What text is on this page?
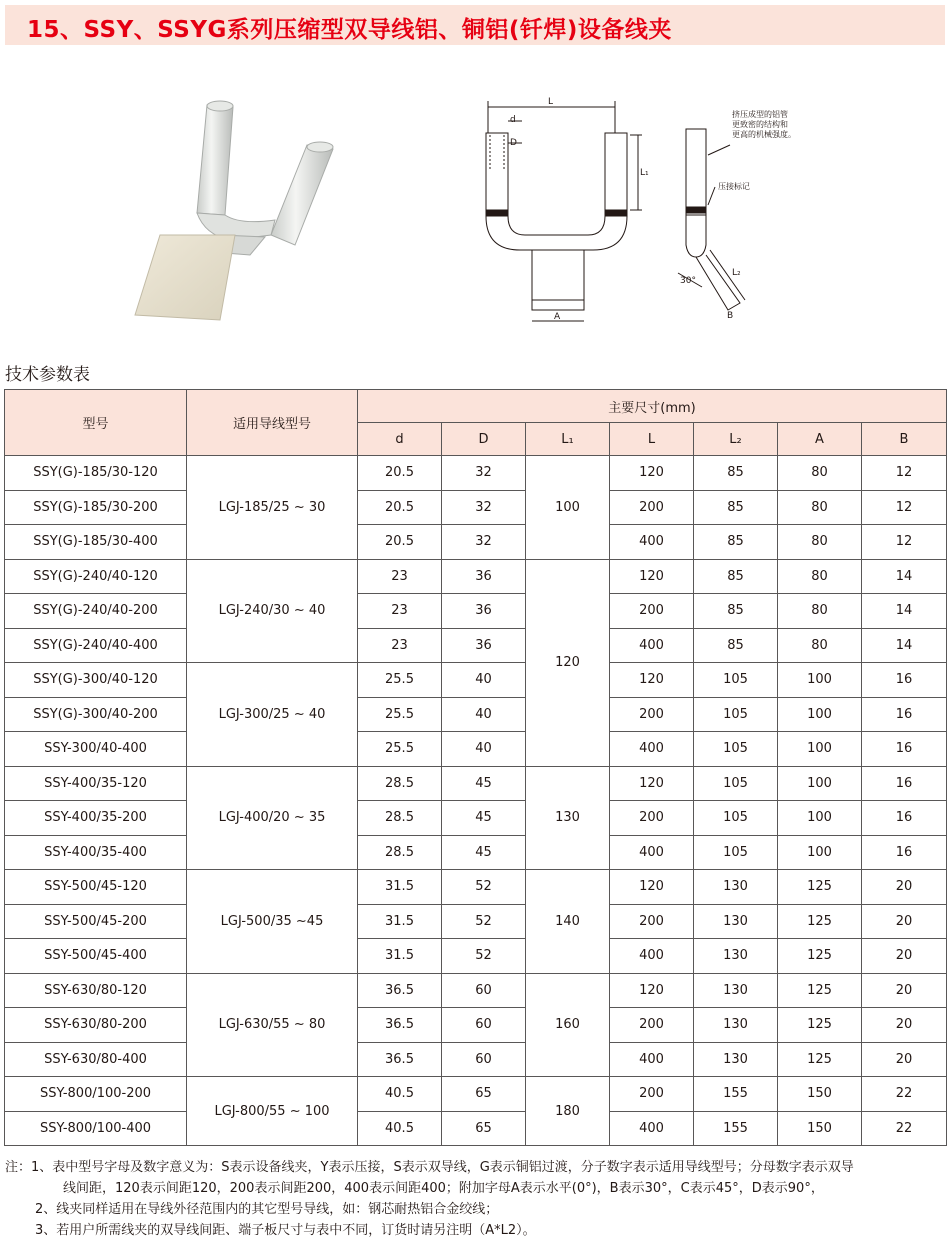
15、SSY、SSYG系列压缩型双导线铝、铜铝(钎焊)设备线夹
L
d
D
L₁
A
L₂
B
30°
挤压成型的铝管
更致密的结构和
更高的机械强度。
压接标记
技术参数表
型号	适用导线型号	主要尺寸(mm)						
		d	D	L₁	L	L₂	A	B
SSY(G)-185/30-120	LGJ-185/25 ~ 30	20.5	32	100	120	85	80	12
SSY(G)-185/30-200		20.5	32		200	85	80	12
SSY(G)-185/30-400		20.5	32		400	85	80	12
SSY(G)-240/40-120	LGJ-240/30 ~ 40	23	36	120	120	85	80	14
SSY(G)-240/40-200		23	36		200	85	80	14
SSY(G)-240/40-400		23	36		400	85	80	14
SSY(G)-300/40-120	LGJ-300/25 ~ 40	25.5	40		120	105	100	16
SSY(G)-300/40-200		25.5	40		200	105	100	16
SSY-300/40-400		25.5	40		400	105	100	16
SSY-400/35-120	LGJ-400/20 ~ 35	28.5	45	130	120	105	100	16
SSY-400/35-200		28.5	45		200	105	100	16
SSY-400/35-400		28.5	45		400	105	100	16
SSY-500/45-120	LGJ-500/35 ~45	31.5	52	140	120	130	125	20
SSY-500/45-200		31.5	52		200	130	125	20
SSY-500/45-400		31.5	52		400	130	125	20
SSY-630/80-120	LGJ-630/55 ~ 80	36.5	60	160	120	130	125	20
SSY-630/80-200		36.5	60		200	130	125	20
SSY-630/80-400		36.5	60		400	130	125	20
SSY-800/100-200	LGJ-800/55 ~ 100	40.5	65	180	200	155	150	22
SSY-800/100-400		40.5	65		400	155	150	22
注：1、表中型号字母及数字意义为：S表示设备线夹，Y表示压接，S表示双导线，G表示铜铝过渡，分子数字表示适用导线型号；分母数字表示双导
线间距，120表示间距120，200表示间距200，400表示间距400；附加字母A表示水平(0°)，B表示30°，C表示45°，D表示90°，
2、线夹同样适用在导线外径范围内的其它型号导线，如：钢芯耐热铝合金绞线；
3、若用户所需线夹的双导线间距、端子板尺寸与表中不同，订货时请另注明（A*L2）。
